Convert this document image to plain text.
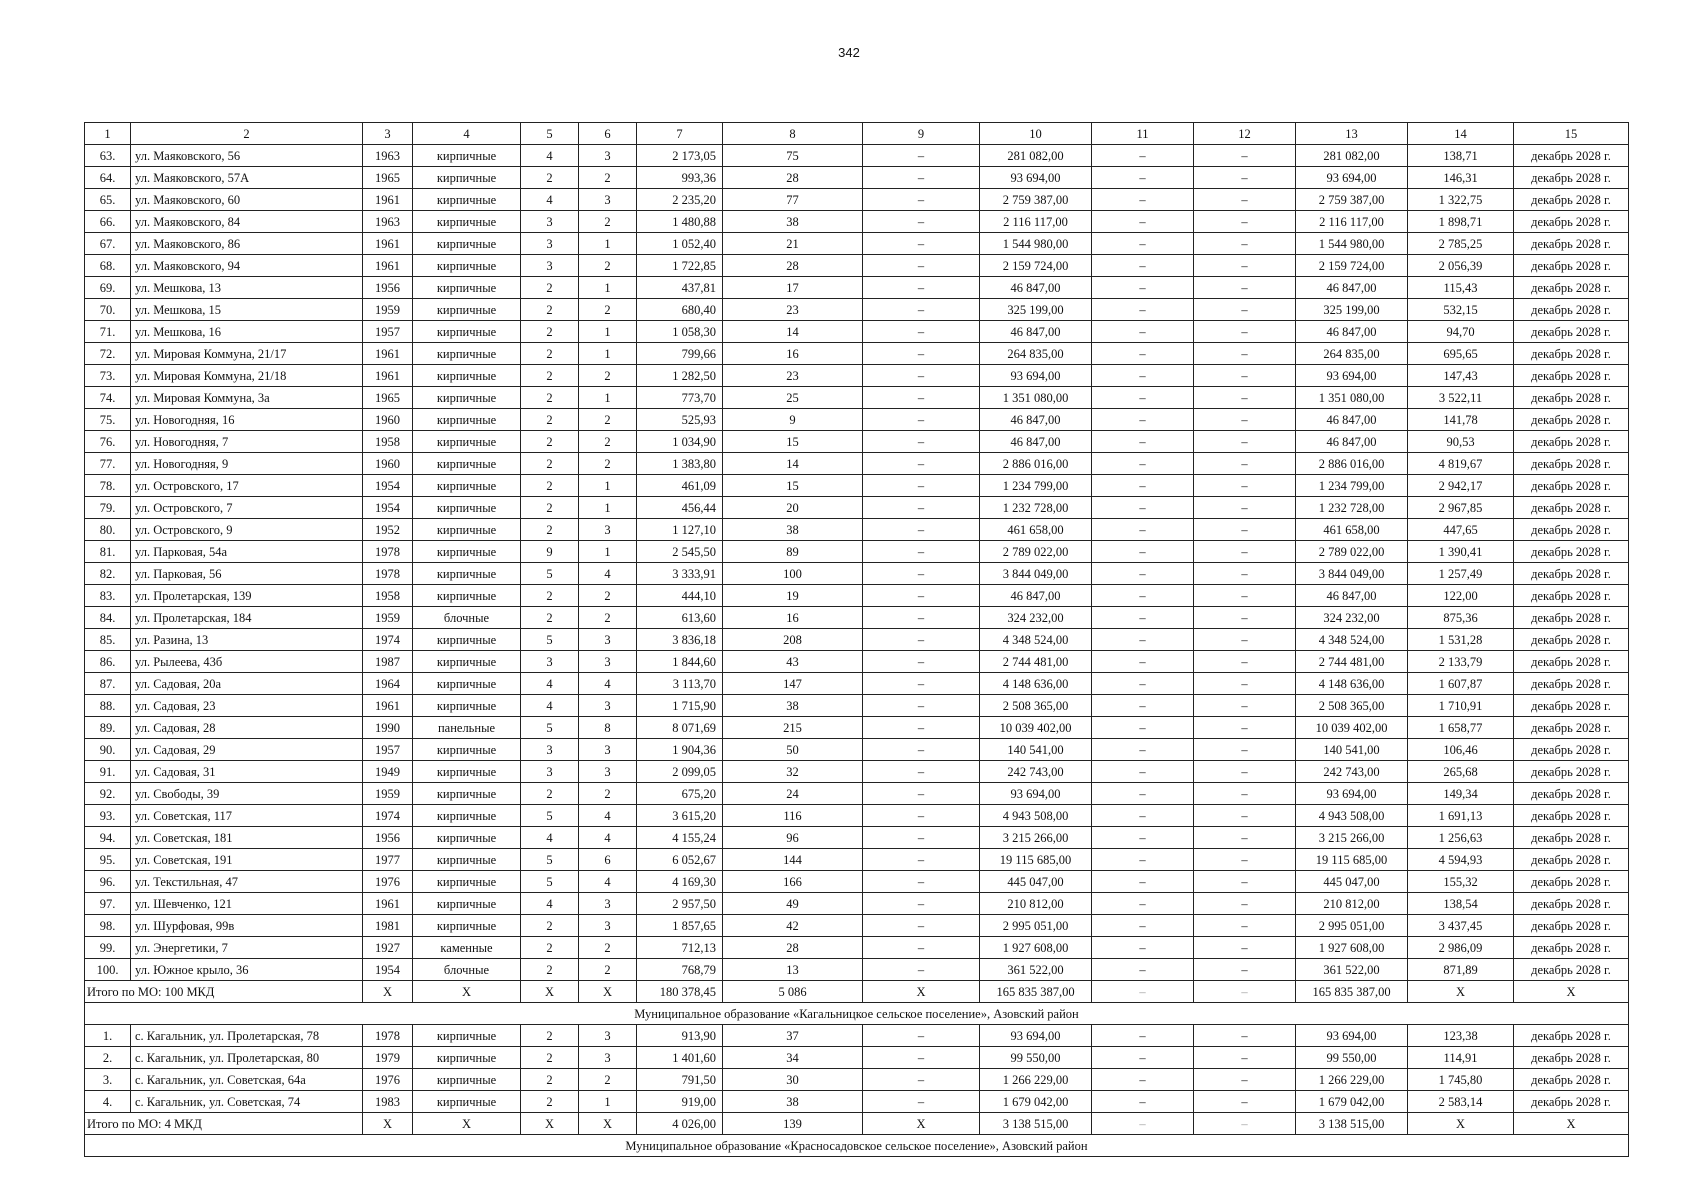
342
1	2	3	4	5	6	7	8	9	10	11	12	13	14	15
63.	ул. Маяковского, 56	1963	кирпичные	4	3	2 173,05	75	–	281 082,00	–	–	281 082,00	138,71	декабрь 2028 г.
64.	ул. Маяковского, 57А	1965	кирпичные	2	2	993,36	28	–	93 694,00	–	–	93 694,00	146,31	декабрь 2028 г.
65.	ул. Маяковского, 60	1961	кирпичные	4	3	2 235,20	77	–	2 759 387,00	–	–	2 759 387,00	1 322,75	декабрь 2028 г.
66.	ул. Маяковского, 84	1963	кирпичные	3	2	1 480,88	38	–	2 116 117,00	–	–	2 116 117,00	1 898,71	декабрь 2028 г.
67.	ул. Маяковского, 86	1961	кирпичные	3	1	1 052,40	21	–	1 544 980,00	–	–	1 544 980,00	2 785,25	декабрь 2028 г.
68.	ул. Маяковского, 94	1961	кирпичные	3	2	1 722,85	28	–	2 159 724,00	–	–	2 159 724,00	2 056,39	декабрь 2028 г.
69.	ул. Мешкова, 13	1956	кирпичные	2	1	437,81	17	–	46 847,00	–	–	46 847,00	115,43	декабрь 2028 г.
70.	ул. Мешкова, 15	1959	кирпичные	2	2	680,40	23	–	325 199,00	–	–	325 199,00	532,15	декабрь 2028 г.
71.	ул. Мешкова, 16	1957	кирпичные	2	1	1 058,30	14	–	46 847,00	–	–	46 847,00	94,70	декабрь 2028 г.
72.	ул. Мировая Коммуна, 21/17	1961	кирпичные	2	1	799,66	16	–	264 835,00	–	–	264 835,00	695,65	декабрь 2028 г.
73.	ул. Мировая Коммуна, 21/18	1961	кирпичные	2	2	1 282,50	23	–	93 694,00	–	–	93 694,00	147,43	декабрь 2028 г.
74.	ул. Мировая Коммуна, 3а	1965	кирпичные	2	1	773,70	25	–	1 351 080,00	–	–	1 351 080,00	3 522,11	декабрь 2028 г.
75.	ул. Новогодняя, 16	1960	кирпичные	2	2	525,93	9	–	46 847,00	–	–	46 847,00	141,78	декабрь 2028 г.
76.	ул. Новогодняя, 7	1958	кирпичные	2	2	1 034,90	15	–	46 847,00	–	–	46 847,00	90,53	декабрь 2028 г.
77.	ул. Новогодняя, 9	1960	кирпичные	2	2	1 383,80	14	–	2 886 016,00	–	–	2 886 016,00	4 819,67	декабрь 2028 г.
78.	ул. Островского, 17	1954	кирпичные	2	1	461,09	15	–	1 234 799,00	–	–	1 234 799,00	2 942,17	декабрь 2028 г.
79.	ул. Островского, 7	1954	кирпичные	2	1	456,44	20	–	1 232 728,00	–	–	1 232 728,00	2 967,85	декабрь 2028 г.
80.	ул. Островского, 9	1952	кирпичные	2	3	1 127,10	38	–	461 658,00	–	–	461 658,00	447,65	декабрь 2028 г.
81.	ул. Парковая, 54а	1978	кирпичные	9	1	2 545,50	89	–	2 789 022,00	–	–	2 789 022,00	1 390,41	декабрь 2028 г.
82.	ул. Парковая, 56	1978	кирпичные	5	4	3 333,91	100	–	3 844 049,00	–	–	3 844 049,00	1 257,49	декабрь 2028 г.
83.	ул. Пролетарская, 139	1958	кирпичные	2	2	444,10	19	–	46 847,00	–	–	46 847,00	122,00	декабрь 2028 г.
84.	ул. Пролетарская, 184	1959	блочные	2	2	613,60	16	–	324 232,00	–	–	324 232,00	875,36	декабрь 2028 г.
85.	ул. Разина, 13	1974	кирпичные	5	3	3 836,18	208	–	4 348 524,00	–	–	4 348 524,00	1 531,28	декабрь 2028 г.
86.	ул. Рылеева, 43б	1987	кирпичные	3	3	1 844,60	43	–	2 744 481,00	–	–	2 744 481,00	2 133,79	декабрь 2028 г.
87.	ул. Садовая, 20а	1964	кирпичные	4	4	3 113,70	147	–	4 148 636,00	–	–	4 148 636,00	1 607,87	декабрь 2028 г.
88.	ул. Садовая, 23	1961	кирпичные	4	3	1 715,90	38	–	2 508 365,00	–	–	2 508 365,00	1 710,91	декабрь 2028 г.
89.	ул. Садовая, 28	1990	панельные	5	8	8 071,69	215	–	10 039 402,00	–	–	10 039 402,00	1 658,77	декабрь 2028 г.
90.	ул. Садовая, 29	1957	кирпичные	3	3	1 904,36	50	–	140 541,00	–	–	140 541,00	106,46	декабрь 2028 г.
91.	ул. Садовая, 31	1949	кирпичные	3	3	2 099,05	32	–	242 743,00	–	–	242 743,00	265,68	декабрь 2028 г.
92.	ул. Свободы, 39	1959	кирпичные	2	2	675,20	24	–	93 694,00	–	–	93 694,00	149,34	декабрь 2028 г.
93.	ул. Советская, 117	1974	кирпичные	5	4	3 615,20	116	–	4 943 508,00	–	–	4 943 508,00	1 691,13	декабрь 2028 г.
94.	ул. Советская, 181	1956	кирпичные	4	4	4 155,24	96	–	3 215 266,00	–	–	3 215 266,00	1 256,63	декабрь 2028 г.
95.	ул. Советская, 191	1977	кирпичные	5	6	6 052,67	144	–	19 115 685,00	–	–	19 115 685,00	4 594,93	декабрь 2028 г.
96.	ул. Текстильная, 47	1976	кирпичные	5	4	4 169,30	166	–	445 047,00	–	–	445 047,00	155,32	декабрь 2028 г.
97.	ул. Шевченко, 121	1961	кирпичные	4	3	2 957,50	49	–	210 812,00	–	–	210 812,00	138,54	декабрь 2028 г.
98.	ул. Шурфовая, 99в	1981	кирпичные	2	3	1 857,65	42	–	2 995 051,00	–	–	2 995 051,00	3 437,45	декабрь 2028 г.
99.	ул. Энергетики, 7	1927	каменные	2	2	712,13	28	–	1 927 608,00	–	–	1 927 608,00	2 986,09	декабрь 2028 г.
100.	ул. Южное крыло, 36	1954	блочные	2	2	768,79	13	–	361 522,00	–	–	361 522,00	871,89	декабрь 2028 г.
Итого по МО: 100 МКД		X	X	X	X	180 378,45	5 086	X	165 835 387,00	–	–	165 835 387,00	X	X
Муниципальное образование «Кагальницкое сельское поселение», Азовский район														
1.	с. Кагальник, ул. Пролетарская, 78	1978	кирпичные	2	3	913,90	37	–	93 694,00	–	–	93 694,00	123,38	декабрь 2028 г.
2.	с. Кагальник, ул. Пролетарская, 80	1979	кирпичные	2	3	1 401,60	34	–	99 550,00	–	–	99 550,00	114,91	декабрь 2028 г.
3.	с. Кагальник, ул. Советская, 64а	1976	кирпичные	2	2	791,50	30	–	1 266 229,00	–	–	1 266 229,00	1 745,80	декабрь 2028 г.
4.	с. Кагальник, ул. Советская, 74	1983	кирпичные	2	1	919,00	38	–	1 679 042,00	–	–	1 679 042,00	2 583,14	декабрь 2028 г.
Итого по МО: 4 МКД		X	X	X	X	4 026,00	139	X	3 138 515,00	–	–	3 138 515,00	X	X
Муниципальное образование «Красносадовское сельское поселение», Азовский район														
